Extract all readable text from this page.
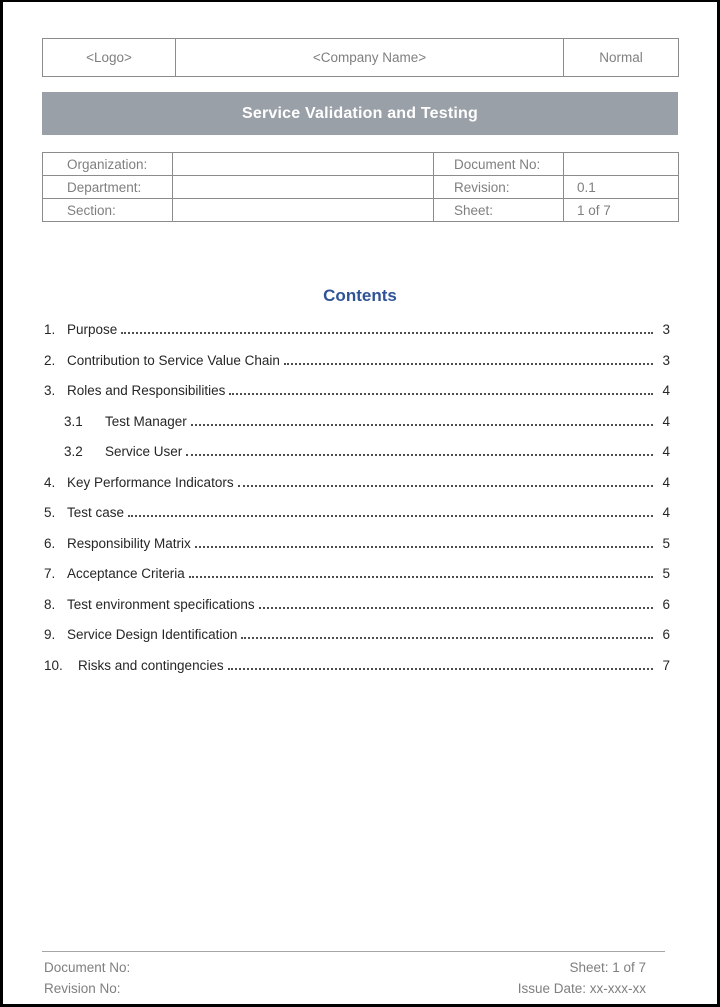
<Logo>	<Company Name>	Normal
Service Validation and Testing
Organization:		Document No:	
Department:		Revision:	0.1
Section:		Sheet:	1 of 7
Contents
1. Purpose	3
2. Contribution to Service Value Chain	3
3. Roles and Responsibilities	4
3.1	Test Manager	4
3.2	Service User	4
4. Key Performance Indicators	4
5. Test case	4
6. Responsibility Matrix	5
7. Acceptance Criteria	5
8. Test environment specifications	6
9. Service Design Identification	6
10.	Risks and contingencies	7
Document No:
Revision No:
Sheet: 1 of 7
Issue Date: xx-xxx-xx
